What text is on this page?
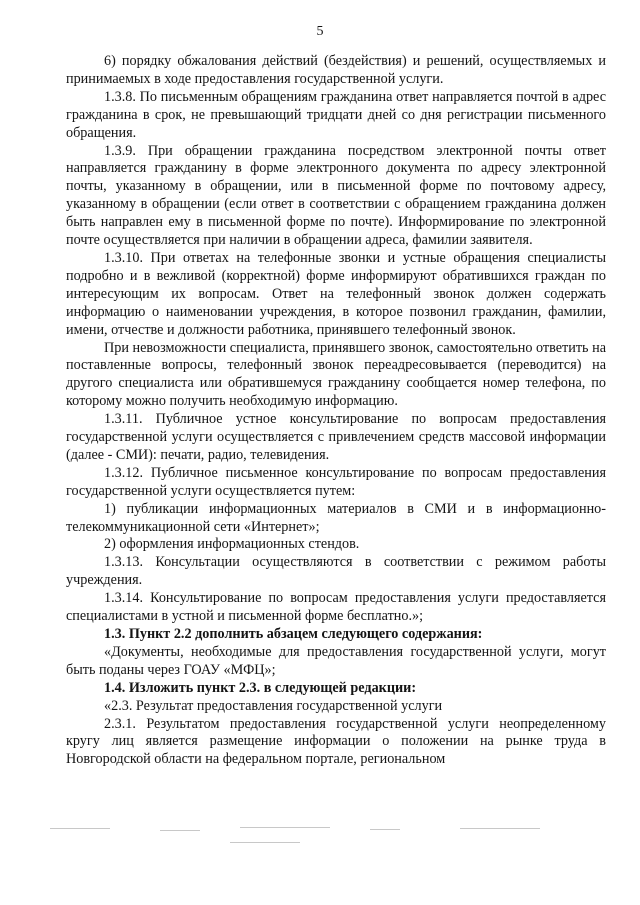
5

6) порядку обжалования действий (бездействия) и решений, осуществляемых и принимаемых в ходе предоставления государственной услуги.

1.3.8. По письменным обращениям гражданина ответ направляется почтой в адрес гражданина в срок, не превышающий тридцати дней со дня регистрации письменного обращения.

1.3.9. При обращении гражданина посредством электронной почты ответ направляется гражданину в форме электронного документа по адресу электронной почты, указанному в обращении, или в письменной форме по почтовому адресу, указанному в обращении (если ответ в соответствии с обращением гражданина должен быть направлен ему в письменной форме по почте). Информирование по электронной почте осуществляется при наличии в обращении адреса, фамилии заявителя.

1.3.10. При ответах на телефонные звонки и устные обращения специалисты подробно и в вежливой (корректной) форме информируют обратившихся граждан по интересующим их вопросам. Ответ на телефонный звонок должен содержать информацию о наименовании учреждения, в которое позвонил гражданин, фамилии, имени, отчестве и должности работника, принявшего телефонный звонок.

При невозможности специалиста, принявшего звонок, самостоятельно ответить на поставленные вопросы, телефонный звонок переадресовывается (переводится) на другого специалиста или обратившемуся гражданину сообщается номер телефона, по которому можно получить необходимую информацию.

1.3.11. Публичное устное консультирование по вопросам предоставления государственной услуги осуществляется с привлечением средств массовой информации (далее - СМИ): печати, радио, телевидения.

1.3.12. Публичное письменное консультирование по вопросам предоставления государственной услуги осуществляется путем:

1) публикации информационных материалов в СМИ и в информационно-телекоммуникационной сети «Интернет»;

2) оформления информационных стендов.

1.3.13. Консультации осуществляются в соответствии с режимом работы учреждения.

1.3.14. Консультирование по вопросам предоставления услуги предоставляется специалистами в устной и письменной форме бесплатно.»;

1.3. Пункт 2.2 дополнить абзацем следующего содержания:

«Документы, необходимые для предоставления государственной услуги, могут быть поданы через ГОАУ «МФЦ»;

1.4. Изложить пункт 2.3. в следующей редакции:

«2.3. Результат предоставления государственной услуги

2.3.1. Результатом предоставления государственной услуги неопределенному кругу лиц является размещение информации о положении на рынке труда в Новгородской области на федеральном портале, региональном
